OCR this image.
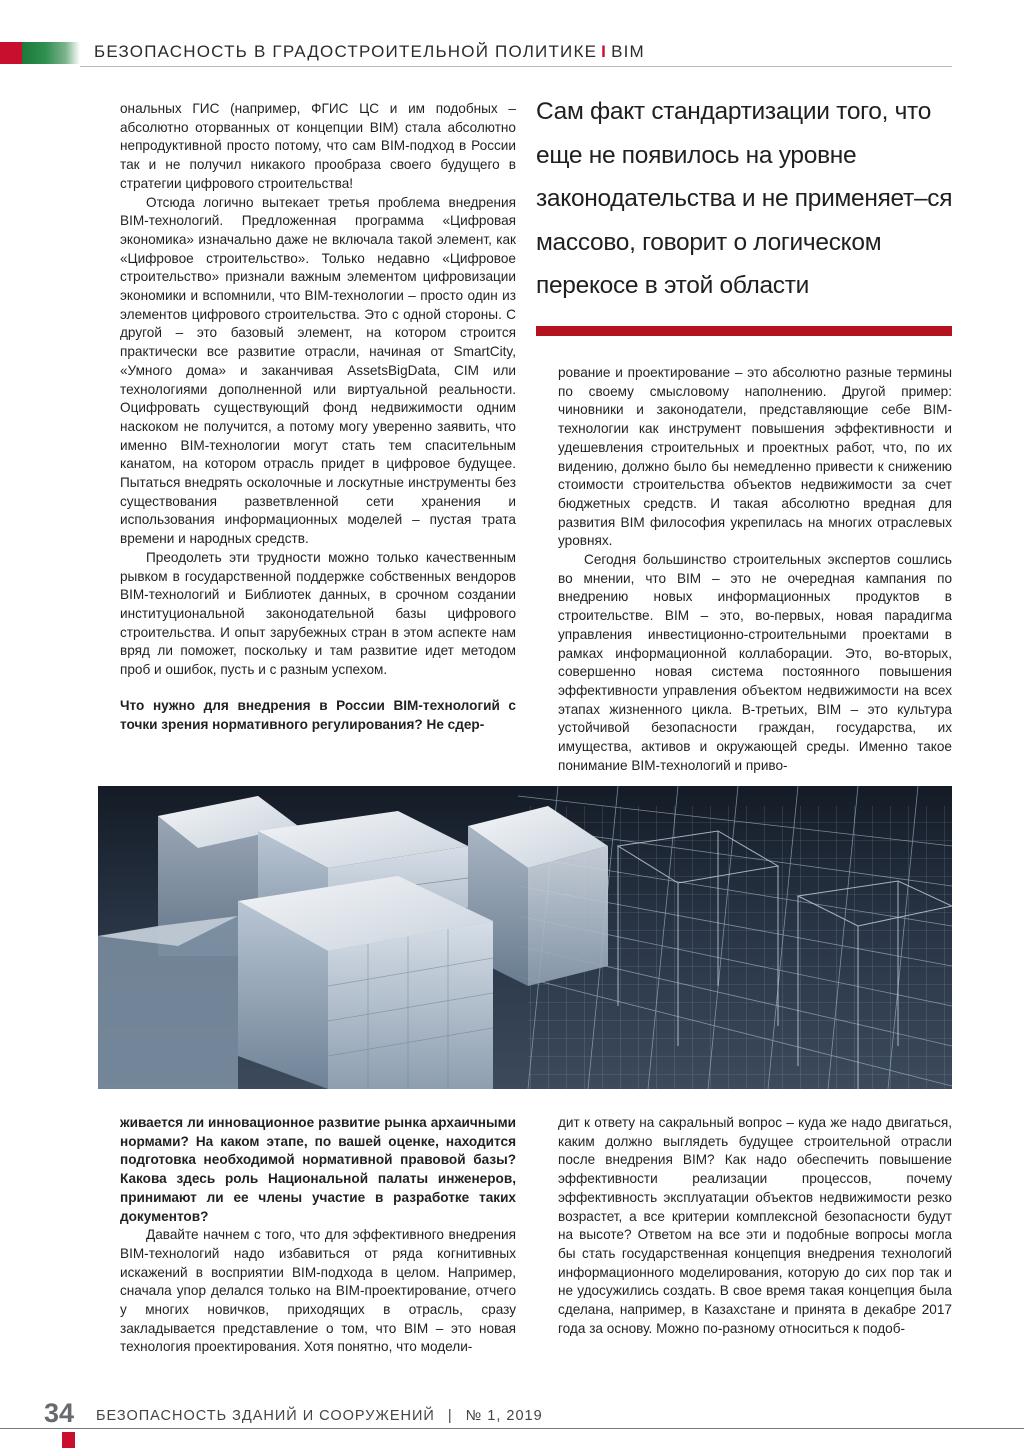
БЕЗОПАСНОСТЬ В ГРАДОСТРОИТЕЛЬНОЙ ПОЛИТИКЕ I BIM

ональных ГИС (например, ФГИС ЦС и им подобных – абсолютно оторванных от концепции BIM) стала абсолютно непродуктивной просто потому, что сам BIM-подход в России так и не получил никакого прообраза своего будущего в стратегии цифрового строительства!

Отсюда логично вытекает третья проблема внедрения BIM-технологий. Предложенная программа «Цифровая экономика» изначально даже не включала такой элемент, как «Цифровое строительство». Только недавно «Цифровое строительство» признали важным элементом цифровизации экономики и вспомнили, что BIM-технологии – просто один из элементов цифрового строительства. Это с одной стороны. С другой – это базовый элемент, на котором строится практически все развитие отрасли, начиная от SmartCity, «Умного дома» и заканчивая AssetsBigData, CIM или технологиями дополненной или виртуальной реальности. Оцифровать существующий фонд недвижимости одним наскоком не получится, а потому могу уверенно заявить, что именно BIM-технологии могут стать тем спасительным канатом, на котором отрасль придет в цифровое будущее. Пытаться внедрять осколочные и лоскутные инструменты без существования разветвленной сети хранения и использования информационных моделей – пустая трата времени и народных средств.

Преодолеть эти трудности можно только качественным рывком в государственной поддержке собственных вендоров BIM-технологий и Библиотек данных, в срочном создании институциональной законодательной базы цифрового строительства. И опыт зарубежных стран в этом аспекте нам вряд ли поможет, поскольку и там развитие идет методом проб и ошибок, пусть и с разным успехом.

Что нужно для внедрения в России BIM-технологий с точки зрения нормативного регулирования? Не сдер-

Сам факт стандартизации того, что еще не появилось на уровне законодательства и не применяет–ся массово, говорит о логическом перекосе в этой области

рование и проектирование – это абсолютно разные термины по своему смысловому наполнению. Другой пример: чиновники и законодатели, представляющие себе BIM-технологии как инструмент повышения эффективности и удешевления строительных и проектных работ, что, по их видению, должно было бы немедленно привести к снижению стоимости строительства объектов недвижимости за счет бюджетных средств. И такая абсолютно вредная для развития BIM философия укрепилась на многих отраслевых уровнях.

Сегодня большинство строительных экспертов сошлись во мнении, что BIM – это не очередная кампания по внедрению новых информационных продуктов в строительстве. BIM – это, во-первых, новая парадигма управления инвестиционно-строительными проектами в рамках информационной коллаборации. Это, во-вторых, совершенно новая система постоянного повышения эффективности управления объектом недвижимости на всех этапах жизненного цикла. В-третьих, BIM – это культура устойчивой безопасности граждан, государства, их имущества, активов и окружающей среды. Именно такое понимание BIM-технологий и приво-

живается ли инновационное развитие рынка архаичными нормами? На каком этапе, по вашей оценке, находится подготовка необходимой нормативной правовой базы? Какова здесь роль Национальной палаты инженеров, принимают ли ее члены участие в разработке таких документов?

Давайте начнем с того, что для эффективного внедрения BIM-технологий надо избавиться от ряда когнитивных искажений в восприятии BIM-подхода в целом. Например, сначала упор делался только на BIM-проектирование, отчего у многих новичков, приходящих в отрасль, сразу закладывается представление о том, что BIM – это новая технология проектирования. Хотя понятно, что модели-

дит к ответу на сакральный вопрос – куда же надо двигаться, каким должно выглядеть будущее строительной отрасли после внедрения BIM? Как надо обеспечить повышение эффективности реализации процессов, почему эффективность эксплуатации объектов недвижимости резко возрастет, а все критерии комплексной безопасности будут на высоте? Ответом на все эти и подобные вопросы могла бы стать государственная концепция внедрения технологий информационного моделирования, которую до сих пор так и не удосужились создать. В свое время такая концепция была сделана, например, в Казахстане и принята в декабре 2017 года за основу. Можно по-разному относиться к подоб-

34 БЕЗОПАСНОСТЬ ЗДАНИЙ И СООРУЖЕНИЙ | № 1, 2019
